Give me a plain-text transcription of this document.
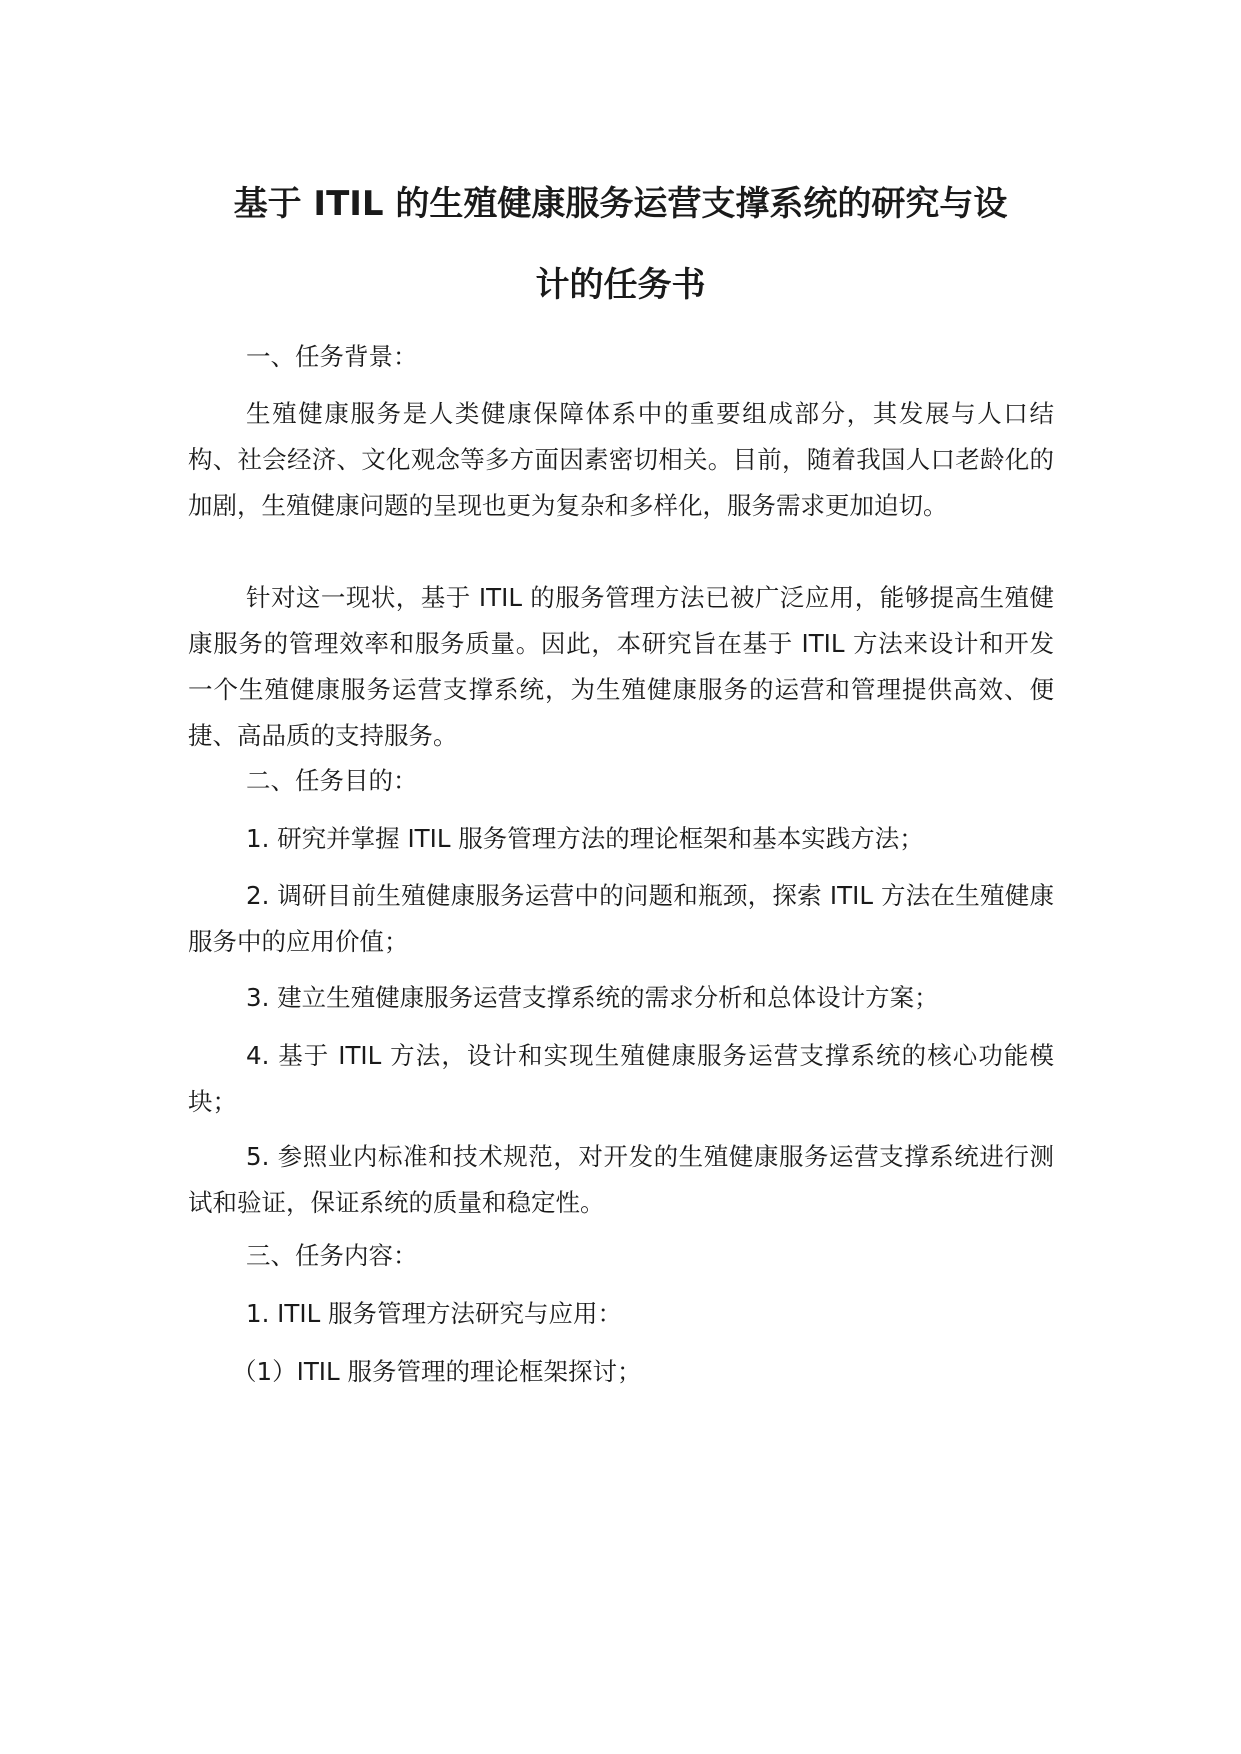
基于 ITIL 的生殖健康服务运营支撑系统的研究与设
计的任务书

一、任务背景：

生殖健康服务是人类健康保障体系中的重要组成部分，其发展与人口结构、社会经济、文化观念等多方面因素密切相关。目前，随着我国人口老龄化的加剧，生殖健康问题的呈现也更为复杂和多样化，服务需求更加迫切。

针对这一现状，基于 ITIL 的服务管理方法已被广泛应用，能够提高生殖健康服务的管理效率和服务质量。因此，本研究旨在基于 ITIL 方法来设计和开发一个生殖健康服务运营支撑系统，为生殖健康服务的运营和管理提供高效、便捷、高品质的支持服务。

二、任务目的：

1. 研究并掌握 ITIL 服务管理方法的理论框架和基本实践方法；

2. 调研目前生殖健康服务运营中的问题和瓶颈，探索 ITIL 方法在生殖健康服务中的应用价值；

3. 建立生殖健康服务运营支撑系统的需求分析和总体设计方案；

4. 基于 ITIL 方法，设计和实现生殖健康服务运营支撑系统的核心功能模块；

5. 参照业内标准和技术规范，对开发的生殖健康服务运营支撑系统进行测试和验证，保证系统的质量和稳定性。

三、任务内容：

1. ITIL 服务管理方法研究与应用：

（1）ITIL 服务管理的理论框架探讨；
